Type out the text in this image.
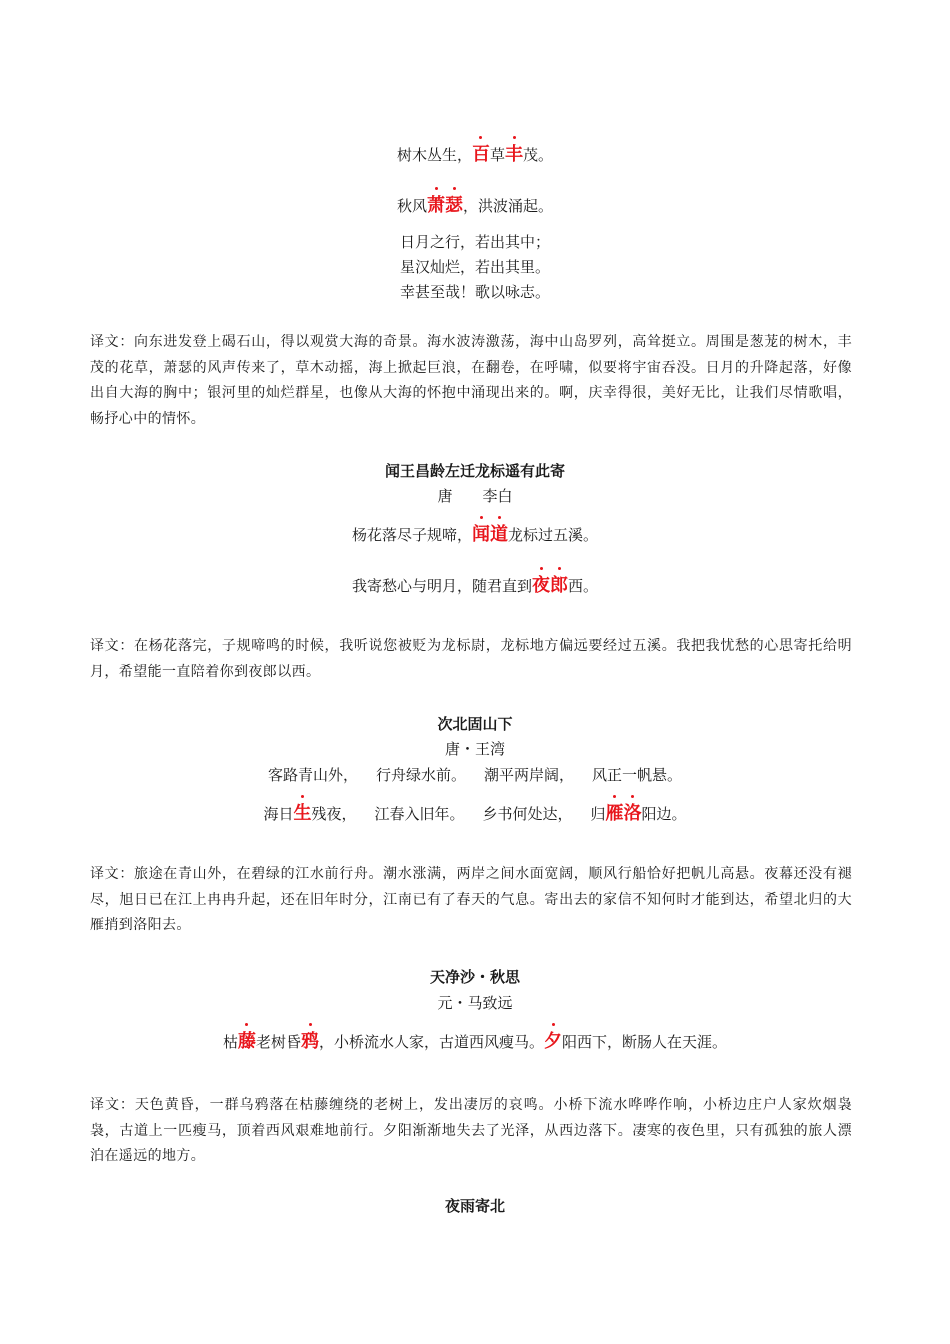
树木丛生，
百草
丰茂。
秋风
萧
瑟，洪波涌起。
日月之行，若出其中；
星汉灿烂，若出其里。
幸甚至哉！歌以咏志。
译文：向东进发登上碣石山，得以观赏大海的奇景。海水波涛激荡，海中山岛罗列，高耸挺立。周围是葱茏的树木，丰茂的花草，萧瑟的风声传来了，草木动摇，海上掀起巨浪，在翻卷，在呼啸，似要将宇宙吞没。日月的升降起落，好像出自大海的胸中；银河里的灿烂群星，也像从大海的怀抱中涌现出来的。啊，庆幸得很，美好无比，让我们尽情歌唱，畅抒心中的情怀。
闻王昌龄左迁龙标遥有此寄
唐 李白
杨花落尽子规啼，
闻
道龙标过五溪。
我寄愁心与明月，随君直到
夜
郎西。
译文：在杨花落完，子规啼鸣的时候，我听说您被贬为龙标尉，龙标地方偏远要经过五溪。我把我忧愁的心思寄托给明月，希望能一直陪着你到夜郎以西。
次北固山下
唐・王湾
客路青山外， 行舟绿水前。 潮平两岸阔， 风正一帆悬。
海日
生残夜， 江春入旧年。 乡书何处达， 归
雁
洛阳边。
译文：旅途在青山外，在碧绿的江水前行舟。潮水涨满，两岸之间水面宽阔，顺风行船恰好把帆儿高悬。夜幕还没有褪尽，旭日已在江上冉冉升起，还在旧年时分，江南已有了春天的气息。寄出去的家信不知何时才能到达，希望北归的大雁捎到洛阳去。
天净沙・秋思
元・马致远
枯
藤老树昏
鸦，小桥流水人家，古道西风瘦马。
夕阳西下，断肠人在天涯。
译文：天色黄昏，一群乌鸦落在枯藤缠绕的老树上，发出凄厉的哀鸣。小桥下流水哗哗作响，小桥边庄户人家炊烟袅袅，古道上一匹瘦马，顶着西风艰难地前行。夕阳渐渐地失去了光泽，从西边落下。凄寒的夜色里，只有孤独的旅人漂泊在遥远的地方。
夜雨寄北
